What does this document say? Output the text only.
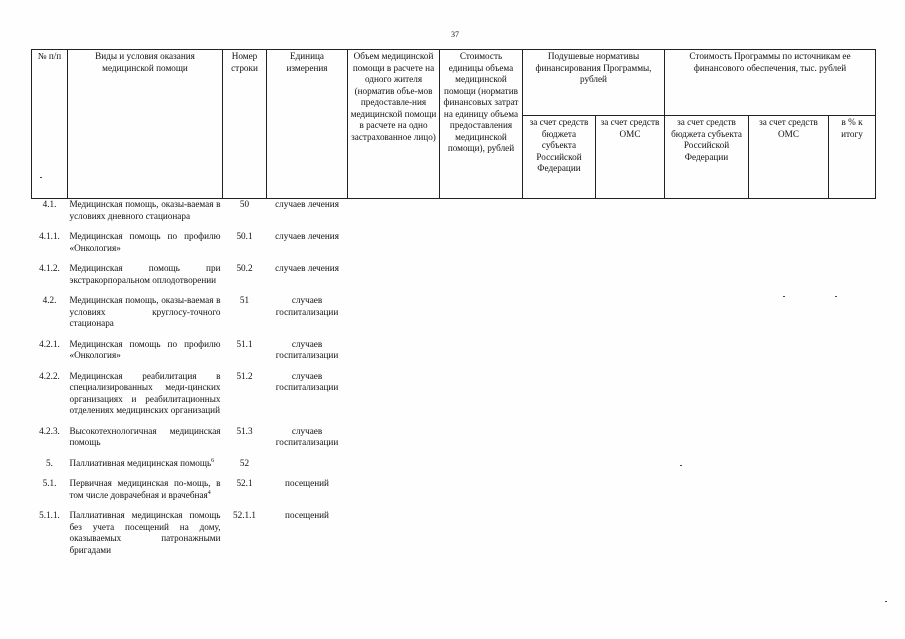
37
№ п/п	Виды и условия оказания медицинской помощи	Номер строки	Единица измерения	Объем медицинской помощи в расчете на одного жителя (норматив объе-мов предоставле-ния медицинской помощи в расчете на одно застрахованное лицо)	Стоимость единицы объема медицинской помощи (норматив финансовых затрат на единицу объема предоставления медицинской помощи), рублей	Подушевые нормативы финансирования Программы, рублей		Стоимость Программы по источникам ее финансового обеспечения, тыс. рублей		
						за счет средств бюджета субъекта Российской Федерации	за счет средств ОМС	за счет средств бюджета субъекта Российской Федерации	за счет средств ОМС	в % к итогу
4.1.	Медицинская помощь, оказы-ваемая в условиях дневного стационара	50	случаев лечения							
4.1.1.	Медицинская помощь по профилю «Онкология»	50.1	случаев лечения							
4.1.2.	Медицинская помощь при экстракорпоральном оплодотворении	50.2	случаев лечения							
4.2.	Медицинская помощь, оказы-ваемая в условиях круглосу-точного стационара	51	случаев госпитализации							
4.2.1.	Медицинская помощь по профилю «Онкология»	51.1	случаев госпитализации							
4.2.2.	Медицинская реабилитация в специализированных меди-цинских организациях и реабилитационных отделениях медицинских организаций	51.2	случаев госпитализации							
4.2.3.	Высокотехнологичная медицинская помощь	51.3	случаев госпитализации							
5.	Паллиативная медицинская помощь$^6$	52								
5.1.	Первичная медицинская по-мощь, в том числе доврачебная и врачебная$^4$	52.1	посещений							
5.1.1.	Паллиативная медицинская помощь без учета посещений на дому, оказываемых патронажными бригадами	52.1.1	посещений							
